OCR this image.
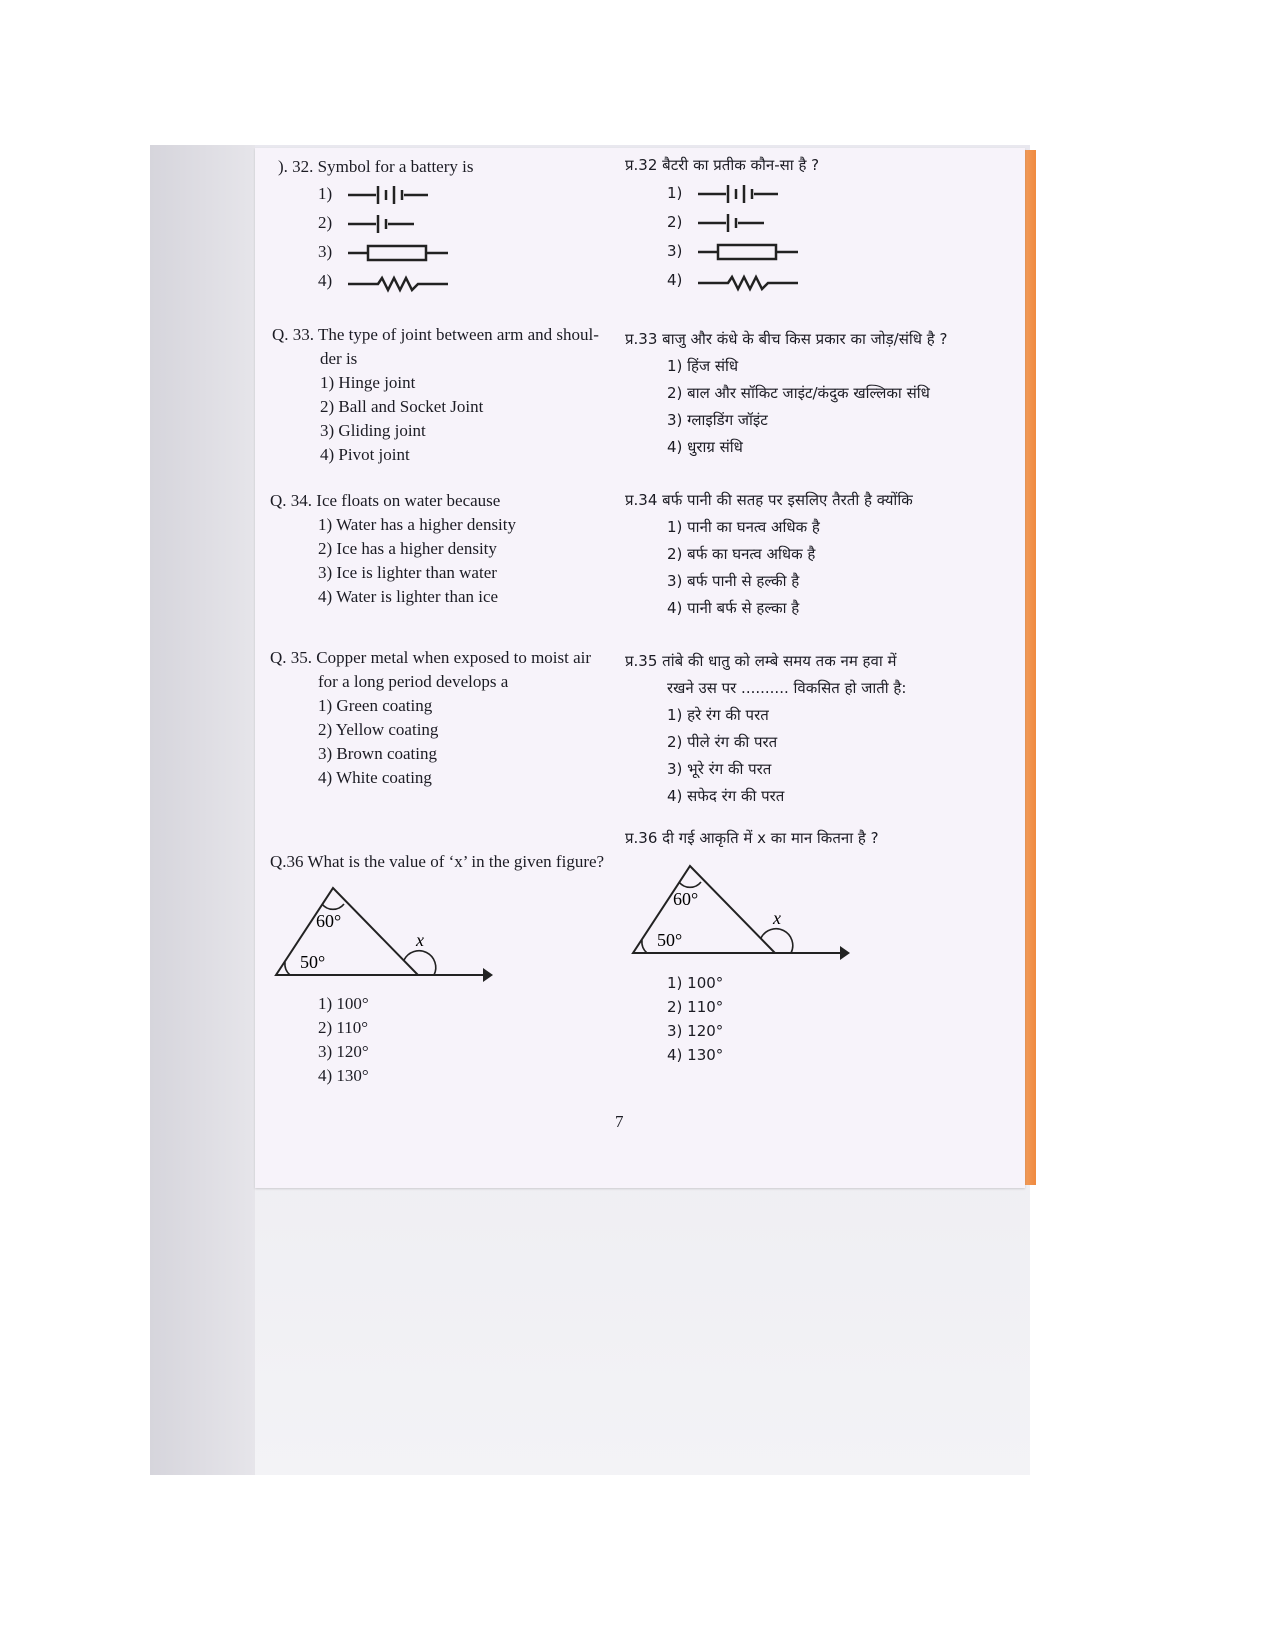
). 32. Symbol for a battery is
1)
2)
3)
4)
Q. 33. The type of joint between arm and shoul-
der is
1) Hinge joint
2) Ball and Socket Joint
3) Gliding joint
4) Pivot joint
Q. 34. Ice floats on water because
1) Water has a higher density
2) Ice has a higher density
3) Ice is lighter than water
4) Water is lighter than ice
Q. 35. Copper metal when exposed to moist air
for a long period develops a
1) Green coating
2) Yellow coating
3) Brown coating
4) White coating
Q.36 What is the value of ‘x’ in the given figure?
60°
50°
x
1) 100°
2) 110°
3) 120°
4) 130°
प्र.32 बैटरी का प्रतीक कौन-सा है ?
1)
2)
3)
4)
प्र.33 बाजु और कंधे के बीच किस प्रकार का जोड़/संधि है ?
1) हिंज संधि
2) बाल और सॉकिट जाइंट/कंदुक खल्लिका संधि
3) ग्लाइडिंग जॉइंट
4) धुराग्र संधि
प्र.34 बर्फ पानी की सतह पर इसलिए तैरती है क्योंकि
1) पानी का घनत्व अधिक है
2) बर्फ का घनत्व अधिक है
3) बर्फ पानी से हल्की है
4) पानी बर्फ से हल्का है
प्र.35 तांबे की धातु को लम्बे समय तक नम हवा में
रखने उस पर .......... विकसित हो जाती है:
1) हरे रंग की परत
2) पीले रंग की परत
3) भूरे रंग की परत
4) सफेद रंग की परत
प्र.36 दी गई आकृति में x का मान कितना है ?
60°
50°
x
1) 100°
2) 110°
3) 120°
4) 130°
7
